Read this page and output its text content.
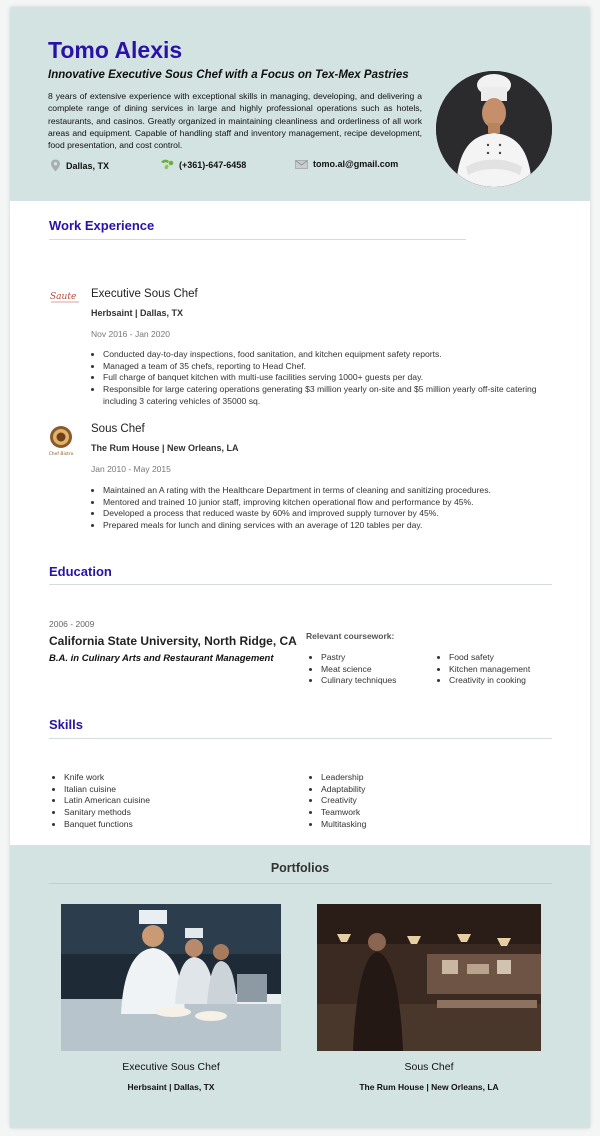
Tomo Alexis
Innovative Executive Sous Chef with a Focus on Tex-Mex Pastries
8 years of extensive experience with exceptional skills in managing, developing, and delivering a complete range of dining services in large and highly professional operations such as hotels, restaurants, and casinos. Greatly organized in maintaining cleanliness and orderliness of all work areas and equipment. Capable of handling staff and inventory management, recipe development, food presentation, and cost control.
Dallas, TX	(+361)-647-6458	tomo.al@gmail.com
Work Experience
Saute Executive Sous Chef
Herbsaint | Dallas, TX
Nov 2016 - Jan 2020
• Conducted day-to-day inspections, food sanitation, and kitchen equipment safety reports.
• Managed a team of 35 chefs, reporting to Head Chef.
• Full charge of banquet kitchen with multi-use facilities serving 1000+ guests per day.
• Responsible for large catering operations generating $3 million yearly on-site and $5 million yearly off-site catering including 3 catering vehicles of 35000 sq.
Chef Bistro
Sous Chef
The Rum House | New Orleans, LA
Jan 2010 - May 2015
• Maintained an A rating with the Healthcare Department in terms of cleaning and sanitizing procedures.
• Mentored and trained 10 junior staff, improving kitchen operational flow and performance by 45%.
• Developed a process that reduced waste by 60% and improved supply turnover by 45%.
• Prepared meals for lunch and dining services with an average of 120 tables per day.
Education
2006 - 2009
California State University, North Ridge, CA
B.A. in Culinary Arts and Restaurant Management
Relevant coursework:
• Pastry
• Meat science
• Culinary techniques
• Food safety
• Kitchen management
• Creativity in cooking
Skills
• Knife work
• Italian cuisine
• Latin American cuisine
• Sanitary methods
• Banquet functions
• Leadership
• Adaptability
• Creativity
• Teamwork
• Multitasking
Portfolios
Executive Sous Chef
Herbsaint | Dallas, TX
Sous Chef
The Rum House | New Orleans, LA
